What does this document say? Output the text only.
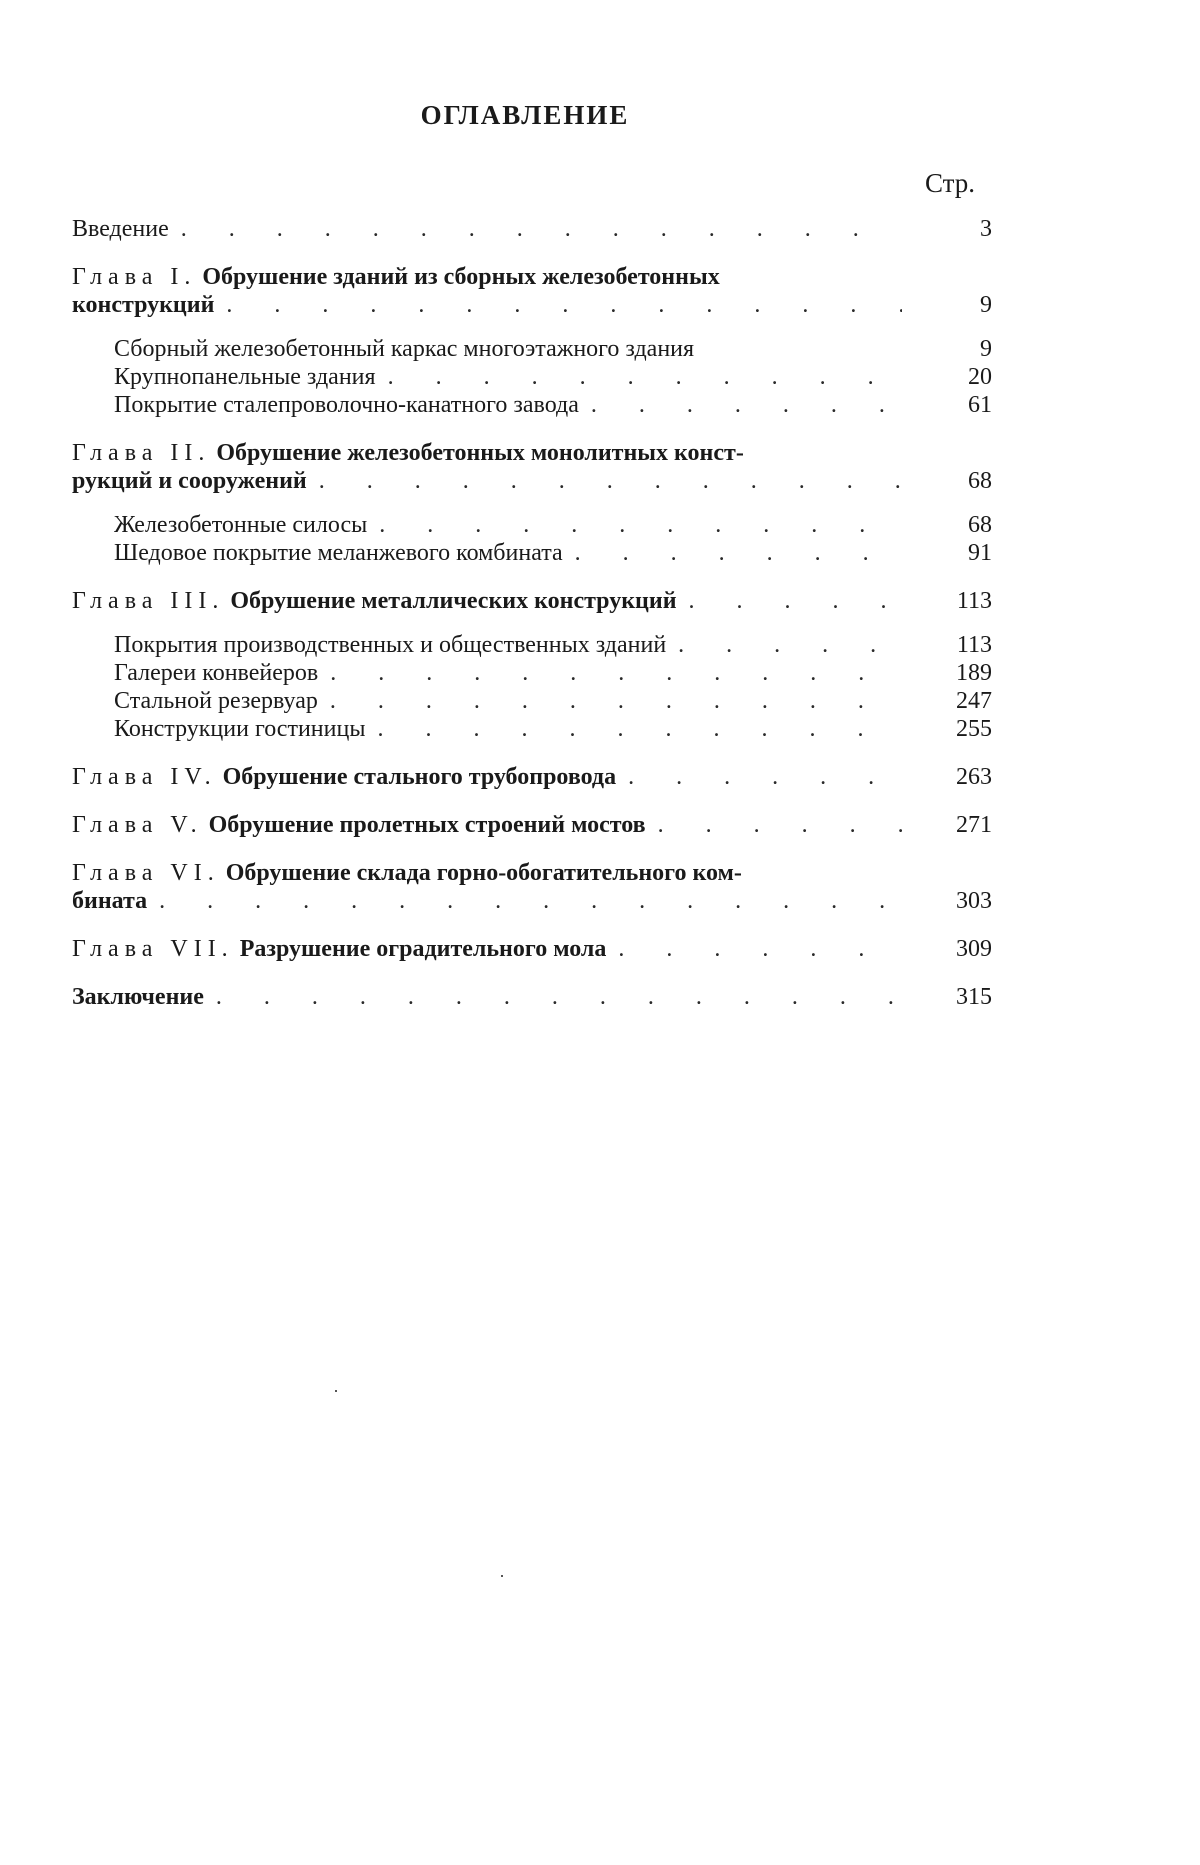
ОГЛАВЛЕНИЕ
Стр.
Введение . . .	3
Глава I. Обрушение зданий из сборных железобетонных
конструкций . . .	9
Сборный железобетонный каркас многоэтажного здания	9
Крупнопанельные здания . . .	20
Покрытие сталепроволочно-канатного завода . . .	61
Глава II. Обрушение железобетонных монолитных конст-
рукций и сооружений . . .	68
Железобетонные силосы . . .	68
Шедовое покрытие меланжевого комбината . . .	91
Глава III. Обрушение металлических конструкций . . .	113
Покрытия производственных и общественных зданий . . .	113
Галереи конвейеров . . .	189
Стальной резервуар . . .	247
Конструкции гостиницы . . .	255
Глава IV. Обрушение стального трубопровода . . .	263
Глава V. Обрушение пролетных строений мостов . . .	271
Глава VI. Обрушение склада горно-обогатительного ком-
бината . . .	303
Глава VII. Разрушение оградительного мола . . .	309
Заключение . . .	315
